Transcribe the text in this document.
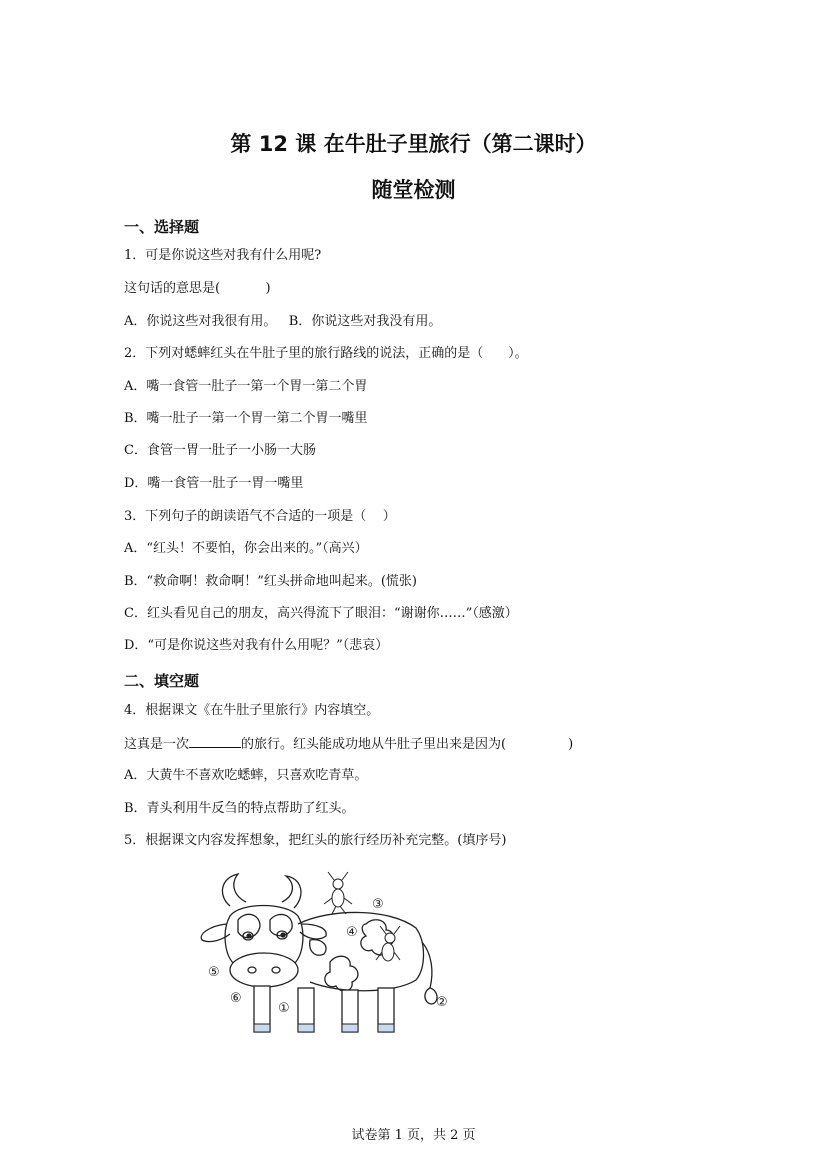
第 12 课 在牛肚子里旅行（第二课时）
随堂检测
一、选择题
1．可是你说这些对我有什么用呢?
这句话的意思是(           )
A．你说这些对我很有用。   B．你说这些对我没有用。
2．下列对蟋蟀红头在牛肚子里的旅行路线的说法，正确的是（      ）。
A．嘴一食管一肚子一第一个胃一第二个胃
B．嘴一肚子一第一个胃一第二个胃一嘴里
C．食管一胃一肚子一小肠一大肠
D．嘴一食管一肚子一胃一嘴里
3．下列句子的朗读语气不合适的一项是（    ）
A．“红头！不要怕，你会出来的。”（高兴）
B．“救命啊！救命啊！”红头拼命地叫起来。(慌张)
C．红头看见自己的朋友，高兴得流下了眼泪：“谢谢你……”（感激）
D．“可是你说这些对我有什么用呢？”（悲哀）
二、填空题
4．根据课文《在牛肚子里旅行》内容填空。
这真是一次	的旅行。红头能成功地从牛肚子里出来是因为(               )
A．大黄牛不喜欢吃蟋蟀，只喜欢吃青草。
B．青头利用牛反刍的特点帮助了红头。
5．根据课文内容发挥想象，把红头的旅行经历补充完整。(填序号)
③
④
⑤
⑥
①	②
试卷第 1 页，共 2 页
